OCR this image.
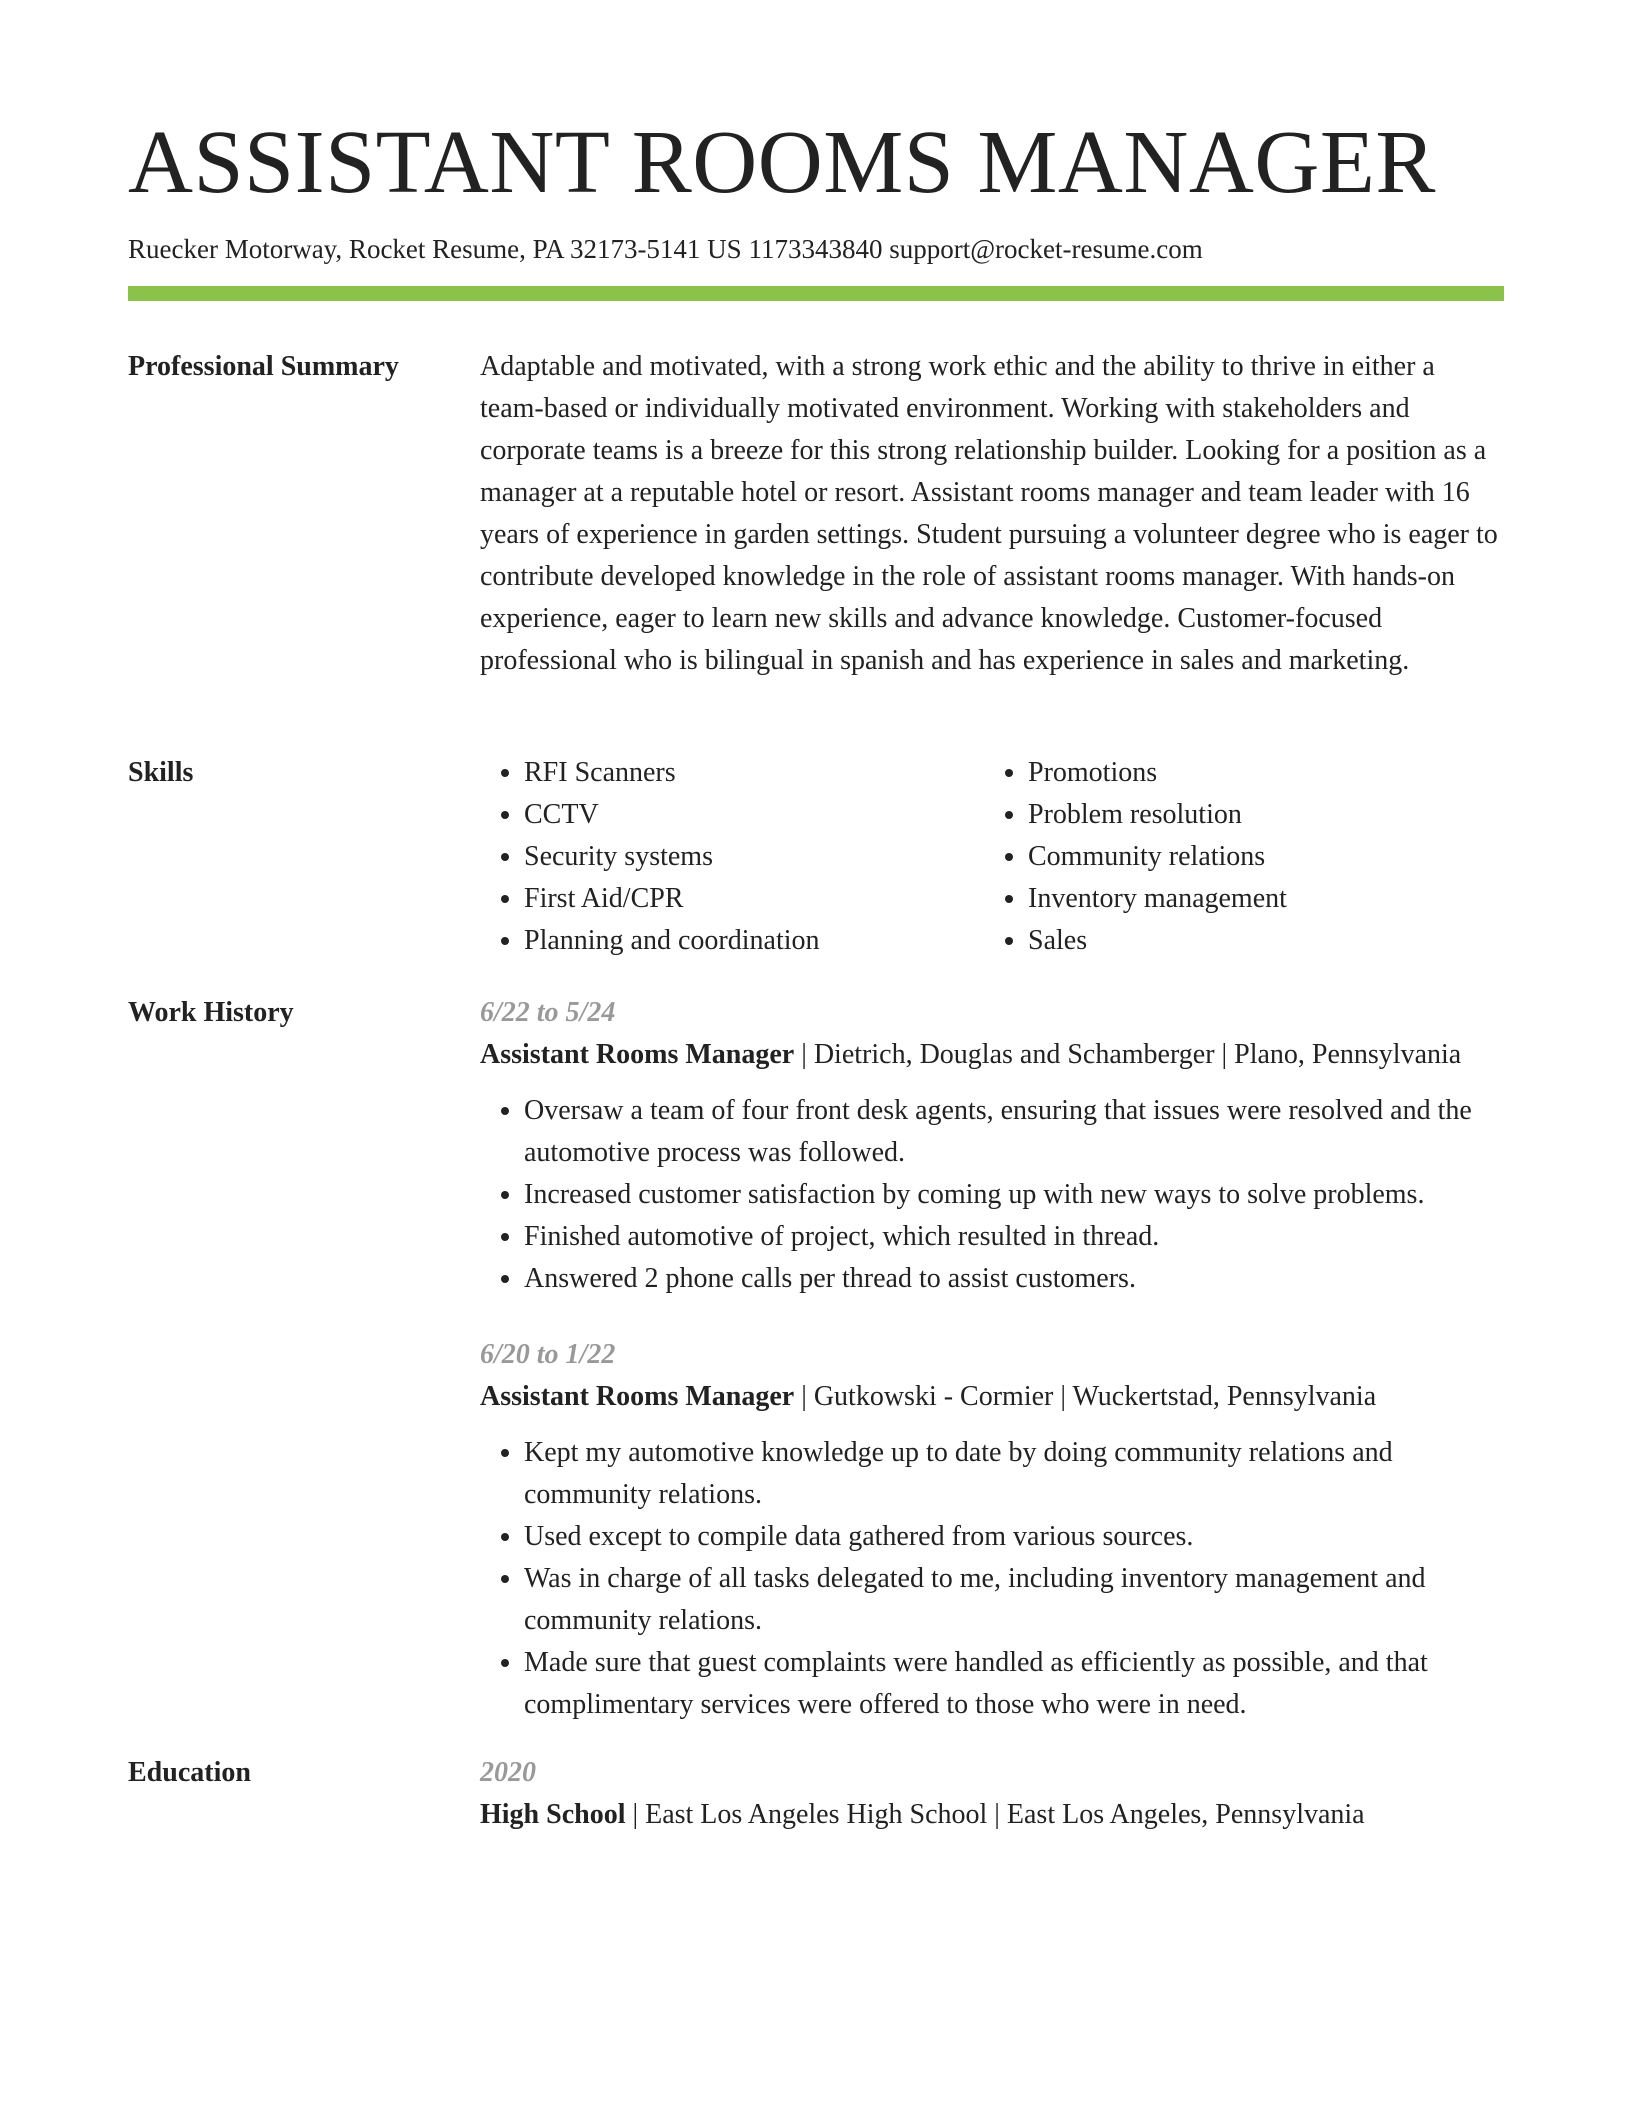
ASSISTANT ROOMS MANAGER
Ruecker Motorway, Rocket Resume, PA 32173-5141 US 1173343840 support@rocket-resume.com
Professional Summary	Adaptable and motivated, with a strong work ethic and the ability to thrive in either a team-based or individually motivated environment. Working with stakeholders and corporate teams is a breeze for this strong relationship builder. Looking for a position as a manager at a reputable hotel or resort. Assistant rooms manager and team leader with 16 years of experience in garden settings. Student pursuing a volunteer degree who is eager to contribute developed knowledge in the role of assistant rooms manager. With hands-on experience, eager to learn new skills and advance knowledge. Customer-focused professional who is bilingual in spanish and has experience in sales and marketing.

Skills
•	RFI Scanners
• CCTV
• Security systems
• First Aid/CPR
• Planning and coordination
• Promotions
• Problem resolution
• Community relations
• Inventory management
• Sales
Work History	6/22 to 5/24
Assistant Rooms Manager | Dietrich, Douglas and Schamberger | Plano, Pennsylvania
• Oversaw a team of four front desk agents, ensuring that issues were resolved and the automotive process was followed.
• Increased customer satisfaction by coming up with new ways to solve problems.
• Finished automotive of project, which resulted in thread.
• Answered 2 phone calls per thread to assist customers.
6/20 to 1/22
Assistant Rooms Manager | Gutkowski - Cormier | Wuckertstad, Pennsylvania
• Kept my automotive knowledge up to date by doing community relations and community relations.
• Used except to compile data gathered from various sources.
• Was in charge of all tasks delegated to me, including inventory management and community relations.
• Made sure that guest complaints were handled as efficiently as possible, and that complimentary services were offered to those who were in need.
Education	2020
High School | East Los Angeles High School | East Los Angeles, Pennsylvania
